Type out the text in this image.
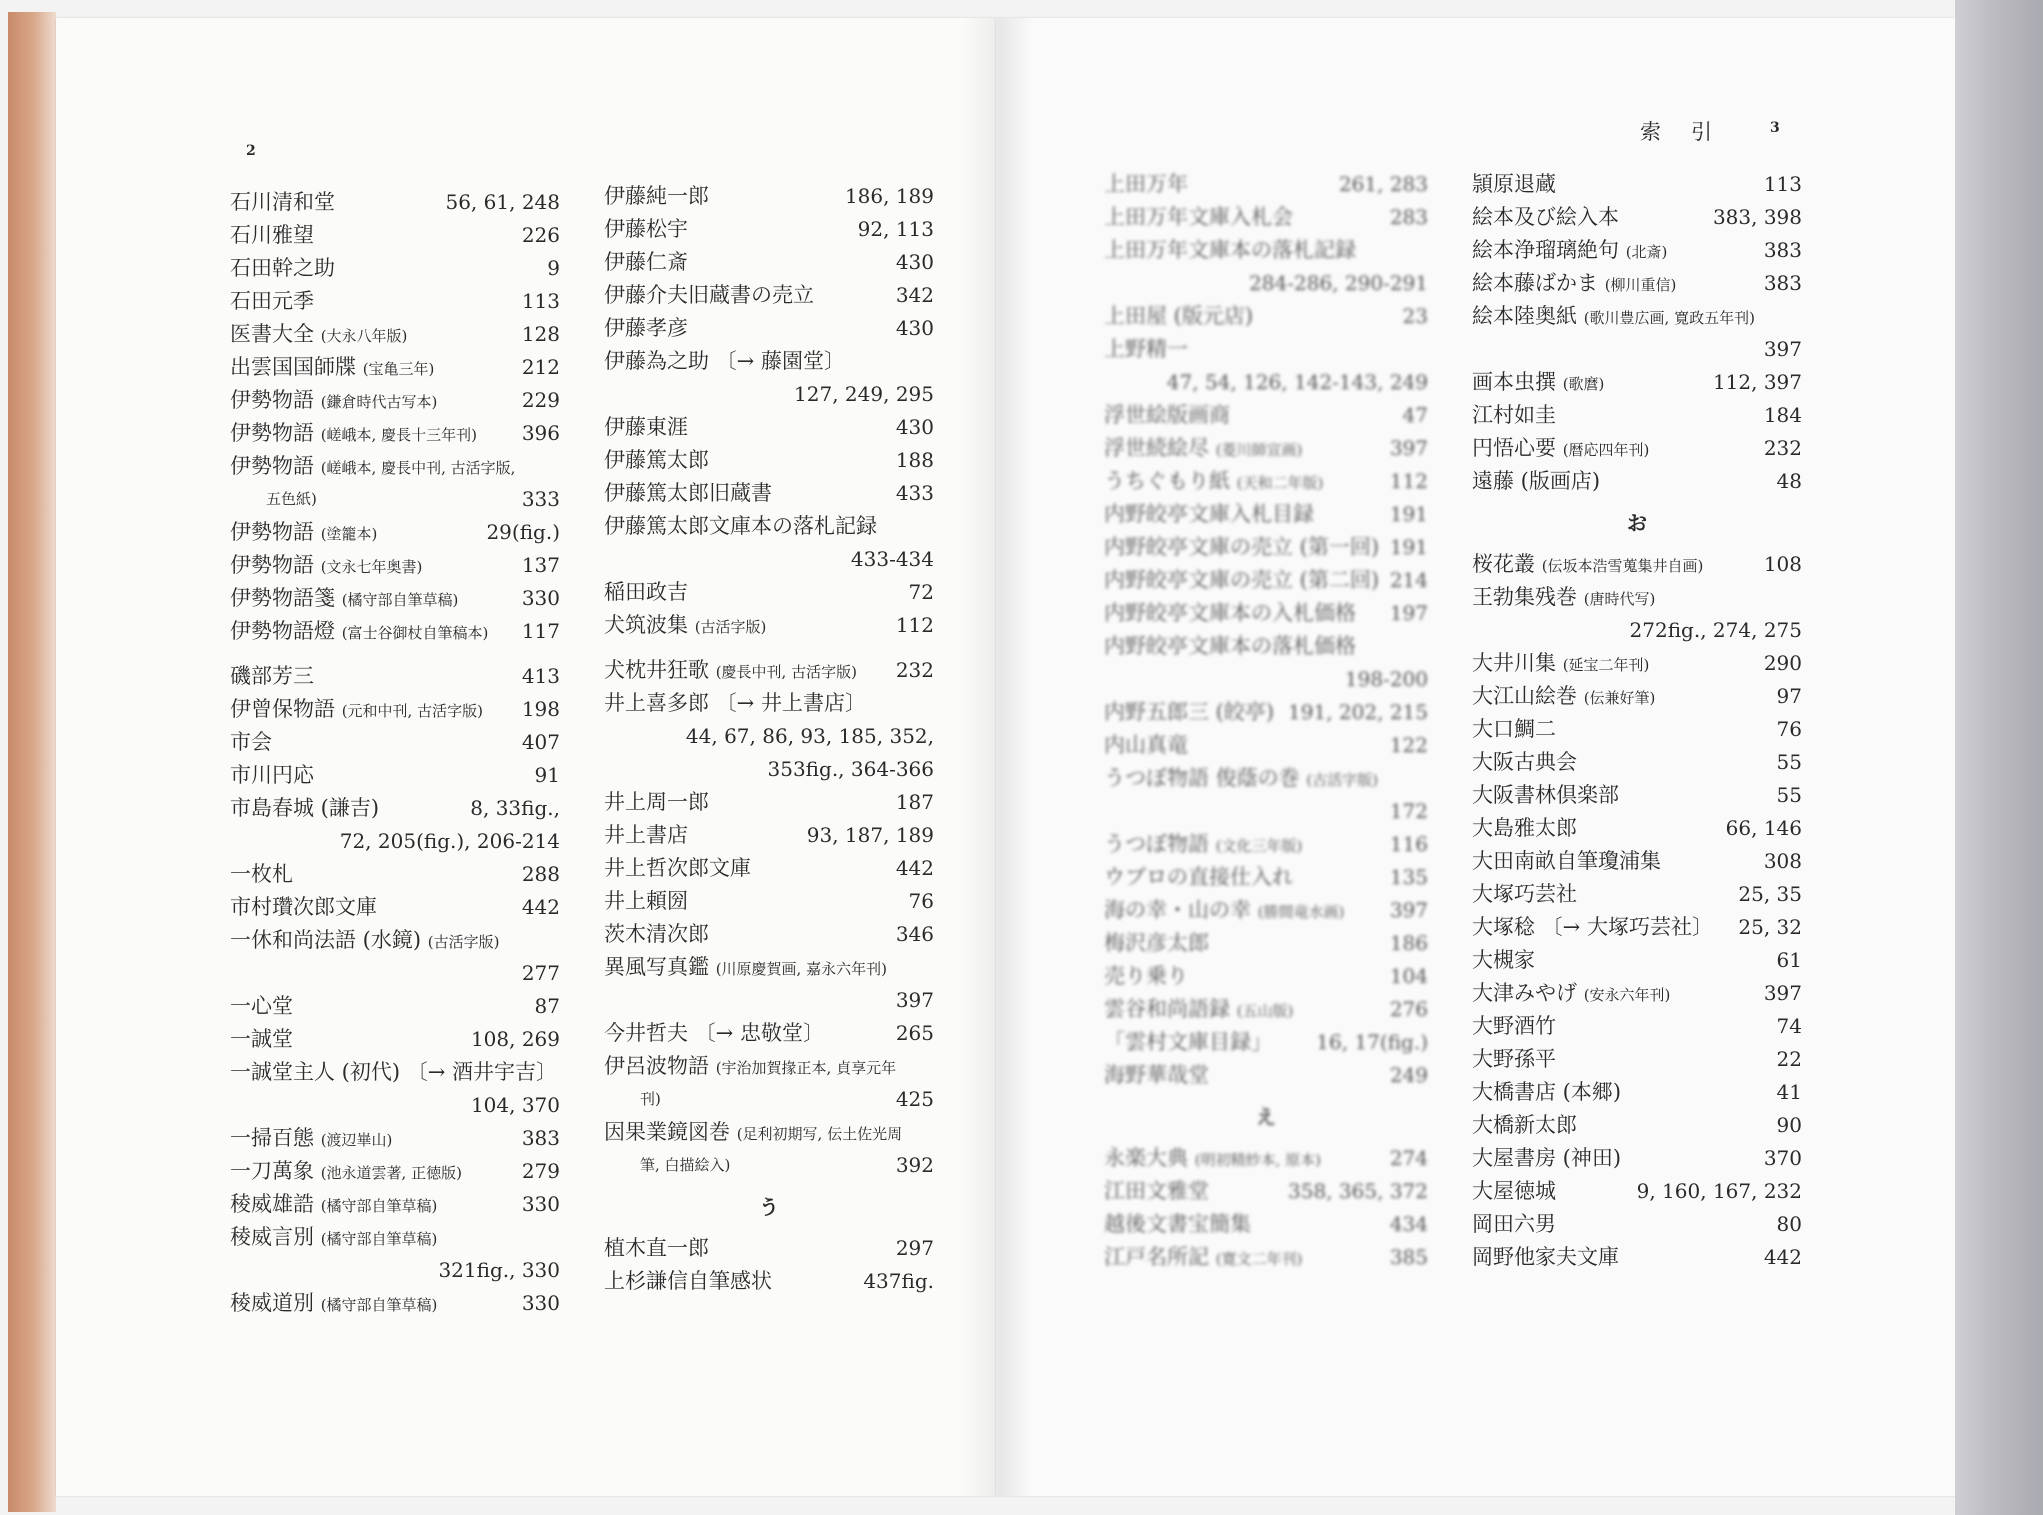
2
索引 3
石川清和堂	56, 61, 248
石川雅望	226
石田幹之助	9
石田元季	113
医書大全 (大永八年版)	128
出雲国国師牒 (宝亀三年)	212
伊勢物語 (鎌倉時代古写本)	229
伊勢物語 (嵯峨本, 慶長十三年刊) 396
伊勢物語 (嵯峨本, 慶長中刊, 古活字版,
五色紙)	333
伊勢物語 (塗籠本)	29(fig.)
伊勢物語 (文永七年奥書)	137
伊勢物語箋 (橘守部自筆草稿)	330
伊勢物語燈 (富士谷御杖自筆稿本) 117
磯部芳三	413
伊曾保物語 (元和中刊, 古活字版) 198
市会	407
市川円応	91
市島春城 (謙吉)	8, 33fig.,
72, 205(fig.), 206-214
一枚札	288
市村瓚次郎文庫	442
一休和尚法語 (水鏡) (古活字版)
277
一心堂	87
一誠堂	108, 269
一誠堂主人 (初代) 〔→ 酒井宇吉〕
104, 370
一掃百態 (渡辺崋山)	383
一刀萬象 (池永道雲著, 正徳版)	279
稜威雄誥 (橘守部自筆草稿)	330
稜威言別 (橘守部自筆草稿)
321fig., 330
稜威道別 (橘守部自筆草稿)	330
伊藤純一郎	186, 189
伊藤松宇	92, 113
伊藤仁斎	430
伊藤介夫旧蔵書の売立	342
伊藤孝彦	430
伊藤為之助 〔→ 藤園堂〕
127, 249, 295
伊藤東涯	430
伊藤篤太郎	188
伊藤篤太郎旧蔵書	433
伊藤篤太郎文庫本の落札記録
433-434
稲田政吉	72
犬筑波集 (古活字版)	112
犬枕井狂歌 (慶長中刊, 古活字版) 232
井上喜多郎 〔→ 井上書店〕
44, 67, 86, 93, 185, 352,
353fig., 364-366
井上周一郎	187
井上書店	93, 187, 189
井上哲次郎文庫	442
井上頼圀	76
茨木清次郎	346
異風写真鑑 (川原慶賀画, 嘉永六年刊)
397
今井哲夫 〔→ 忠敬堂〕	265
伊呂波物語 (宇治加賀掾正本, 貞享元年
刊)	425
因果業鏡図巻 (足利初期写, 伝土佐光周
筆, 白描絵入)	392
う
植木直一郎	297
上杉謙信自筆感状	437fig.
上田万年	261, 283
上田万年文庫入札会	283
上田万年文庫本の落札記録
284-286, 290-291
上田屋 (版元店)	23
上野精一
47, 54, 126, 142-143, 249
浮世絵版画商	47
浮世続絵尽 (菱川師宣画)	397
うちぐもり紙 (天和二年版)	112
内野皎亭文庫入札目録	191
内野皎亭文庫の売立 (第一回) 191
内野皎亭文庫の売立 (第二回) 214
内野皎亭文庫本の入札価格 197
内野皎亭文庫本の落札価格
198-200
内野五郎三 (皎亭) 191, 202, 215
内山真竜	122
うつぼ物語 俊蔭の巻 (古活字版)
172
うつぼ物語 (文化三年版)	116
ウブロの直接仕入れ	135
海の幸・山の幸 (勝間竜水画) 397
梅沢彦太郎	186
売り乗り	104
雲谷和尚語録 (五山版)	276
「雲村文庫目録」 16, 17(fig.)
海野華哉堂	249
え
永楽大典 (明初精紗本, 原本)	274
江田文雅堂	358, 365, 372
越後文書宝簡集	434
江戸名所記 (寛文二年刊)	385
頴原退蔵	113
絵本及び絵入本	383, 398
絵本浄瑠璃絶句 (北斎)	383
絵本藤ばかま (柳川重信)	383
絵本陸奥紙 (歌川豊広画, 寛政五年刊)
397
画本虫撰 (歌麿)	112, 397
江村如圭	184
円悟心要 (暦応四年刊)	232
遠藤 (版画店)	48
お
桜花叢 (伝坂本浩雪蒐集井自画)	108
王勃集残巻 (唐時代写)
272fig., 274, 275
大井川集 (延宝二年刊)	290
大江山絵巻 (伝兼好筆)	97
大口鯛二	76
大阪古典会	55
大阪書林倶楽部	55
大島雅太郎	66, 146
大田南畝自筆瓊浦集	308
大塚巧芸社	25, 35
大塚稔 〔→ 大塚巧芸社〕 25, 32
大槻家	61
大津みやげ (安永六年刊)	397
大野酒竹	74
大野孫平	22
大橋書店 (本郷)	41
大橋新太郎	90
大屋書房 (神田)	370
大屋徳城	9, 160, 167, 232
岡田六男	80
岡野他家夫文庫	442
